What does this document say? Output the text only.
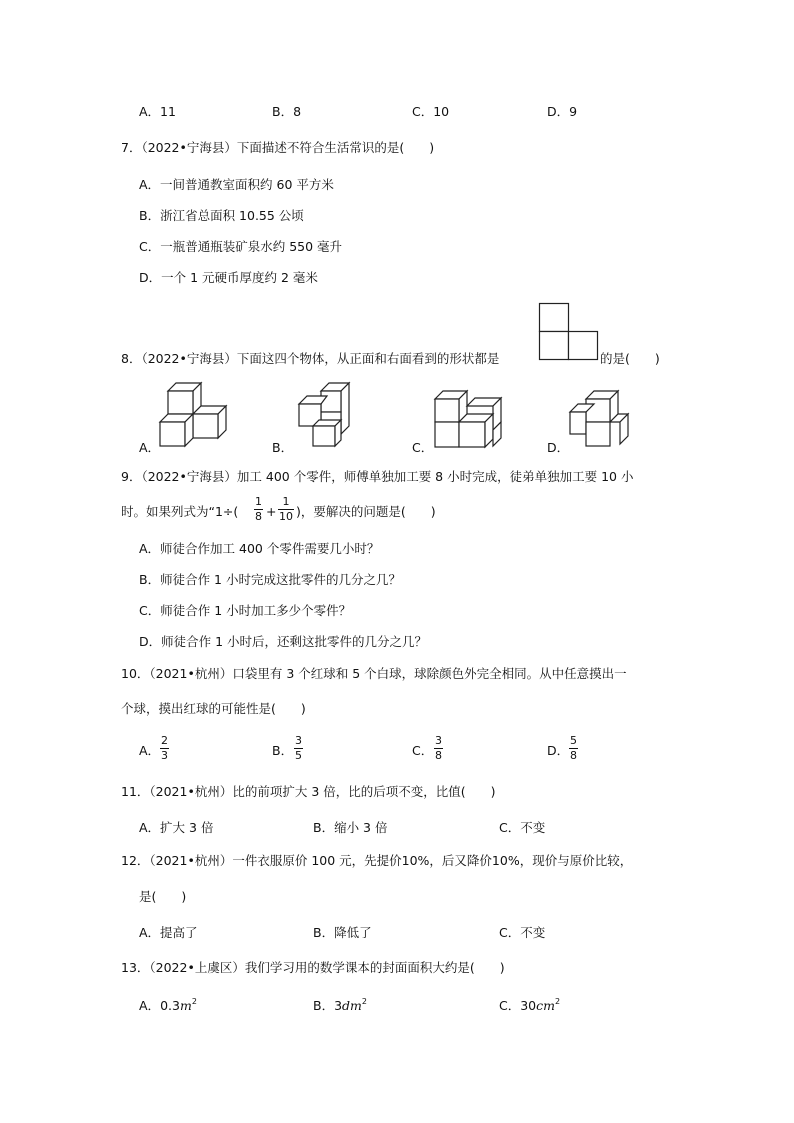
A．11	B．8	C．10	D．9
7．（2022•宁海县）下面描述不符合生活常识的是(　　)
A．一间普通教室面积约 60 平方米
B．浙江省总面积 10.55 公顷
C．一瓶普通瓶装矿泉水约 550 毫升
D．一个 1 元硬币厚度约 2 毫米
8．（2022•宁海县）下面这四个物体，从正面和右面看到的形状都是	的是(　　)
A．	B．	C．	D．
9．（2022•宁海县）加工 400 个零件，师傅单独加工要 8 小时完成，徒弟单独加工要 10 小
时。如果列式为“1÷(
1
8 +
1
10 )，要解决的问题是(　　)
A．师徒合作加工 400 个零件需要几小时？
B．师徒合作 1 小时完成这批零件的几分之几？
C．师徒合作 1 小时加工多少个零件？
D．师徒合作 1 小时后，还剩这批零件的几分之几？
10．（2021•杭州）口袋里有 3 个红球和 5 个白球，球除颜色外完全相同。从中任意摸出一
个球，摸出红球的可能性是(　　)
A．
2
3	B．
3
5	C．
3
8	D．
5
8
11．（2021•杭州）比的前项扩大 3 倍，比的后项不变，比值(　　)
A．扩大 3 倍	B．缩小 3 倍	C．不变
12．（2021•杭州）一件衣服原价 100 元，先提价10%，后又降价10%，现价与原价比较，
是(　　)
A．提高了	B．降低了	C．不变
13．（2022•上虞区）我们学习用的数学课本的封面面积大约是(　　)
A．$0.3m^2$	B．$3dm^2$	C．$30cm^2$
